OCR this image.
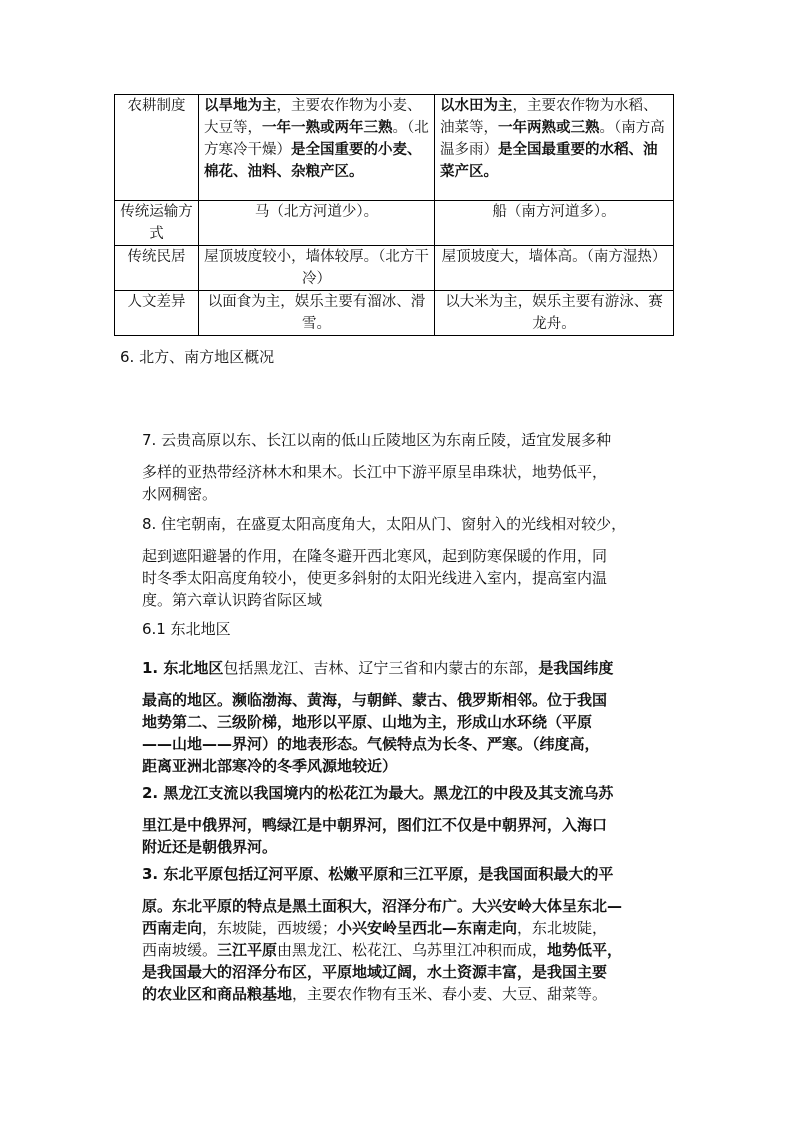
农耕制度	以旱地为主，主要农作物为小麦、大豆等，一年一熟或两年三熟。（北方寒冷干燥）是全国重要的小麦、棉花、油料、杂粮产区。	以水田为主，主要农作物为水稻、油菜等，一年两熟或三熟。（南方高温多雨）是全国最重要的水稻、油菜产区。
传统运输方式	马（北方河道少）。	船（南方河道多）。
传统民居	屋顶坡度较小，墙体较厚。（北方干冷）	屋顶坡度大，墙体高。（南方湿热）
人文差异	以面食为主，娱乐主要有溜冰、滑雪。	以大米为主，娱乐主要有游泳、赛龙舟。
6. 北方、南方地区概况
7. 云贵高原以东、长江以南的低山丘陵地区为东南丘陵，适宜发展多种
多样的亚热带经济林木和果木。长江中下游平原呈串珠状，地势低平，
水网稠密。
8. 住宅朝南，在盛夏太阳高度角大，太阳从门、窗射入的光线相对较少，
起到遮阳避暑的作用，在隆冬避开西北寒风，起到防寒保暖的作用，同
时冬季太阳高度角较小，使更多斜射的太阳光线进入室内，提高室内温
度。第六章认识跨省际区域
6.1 东北地区
1. 东北地区包括黑龙江、吉林、辽宁三省和内蒙古的东部，是我国纬度
最高的地区。濒临渤海、黄海，与朝鲜、蒙古、俄罗斯相邻。位于我国
地势第二、三级阶梯，地形以平原、山地为主，形成山水环绕（平原
——山地——界河）的地表形态。气候特点为长冬、严寒。（纬度高，
距离亚洲北部寒冷的冬季风源地较近）
2. 黑龙江支流以我国境内的松花江为最大。黑龙江的中段及其支流乌苏
里江是中俄界河，鸭绿江是中朝界河，图们江不仅是中朝界河，入海口
附近还是朝俄界河。
3. 东北平原包括辽河平原、松嫩平原和三江平原，是我国面积最大的平
原。东北平原的特点是黑土面积大，沼泽分布广。大兴安岭大体呈东北—
西南走向，东坡陡，西坡缓；小兴安岭呈西北—东南走向，东北坡陡，
西南坡缓。三江平原由黑龙江、松花江、乌苏里江冲积而成，地势低平，
是我国最大的沼泽分布区，平原地域辽阔，水土资源丰富，是我国主要
的农业区和商品粮基地，主要农作物有玉米、春小麦、大豆、甜菜等。
